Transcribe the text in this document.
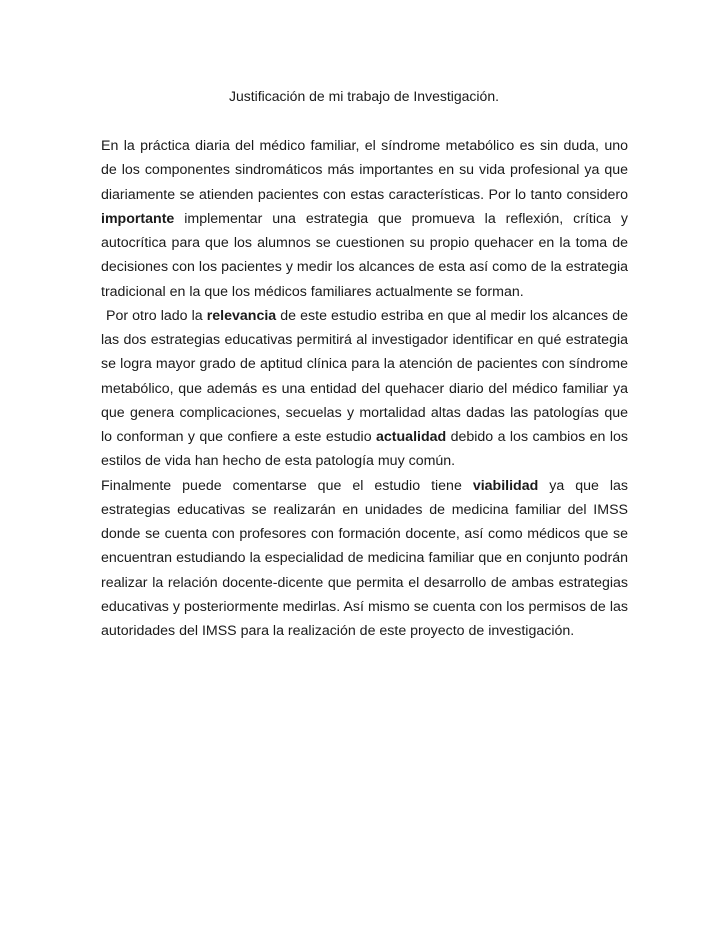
Justificación de mi trabajo de Investigación.

En la práctica diaria del médico familiar, el síndrome metabólico es sin duda, uno de los componentes sindromáticos más importantes en su vida profesional ya que diariamente se atienden pacientes con estas características. Por lo tanto considero importante implementar una estrategia que promueva la reflexión, crítica y autocrítica para que los alumnos se cuestionen su propio quehacer en la toma de decisiones con los pacientes y medir los alcances de esta así como de la estrategia tradicional en la que los médicos familiares actualmente se forman.

Por otro lado la relevancia de este estudio estriba en que al medir los alcances de las dos estrategias educativas permitirá al investigador identificar en qué estrategia se logra mayor grado de aptitud clínica para la atención de pacientes con síndrome metabólico, que además es una entidad del quehacer diario del médico familiar ya que genera complicaciones, secuelas y mortalidad altas dadas las patologías que lo conforman y que confiere a este estudio actualidad debido a los cambios en los estilos de vida han hecho de esta patología muy común.

Finalmente puede comentarse que el estudio tiene viabilidad ya que las estrategias educativas se realizarán en unidades de medicina familiar del IMSS donde se cuenta con profesores con formación docente, así como médicos que se encuentran estudiando la especialidad de medicina familiar que en conjunto podrán realizar la relación docente-dicente que permita el desarrollo de ambas estrategias educativas y posteriormente medirlas. Así mismo se cuenta con los permisos de las autoridades del IMSS para la realización de este proyecto de investigación.
